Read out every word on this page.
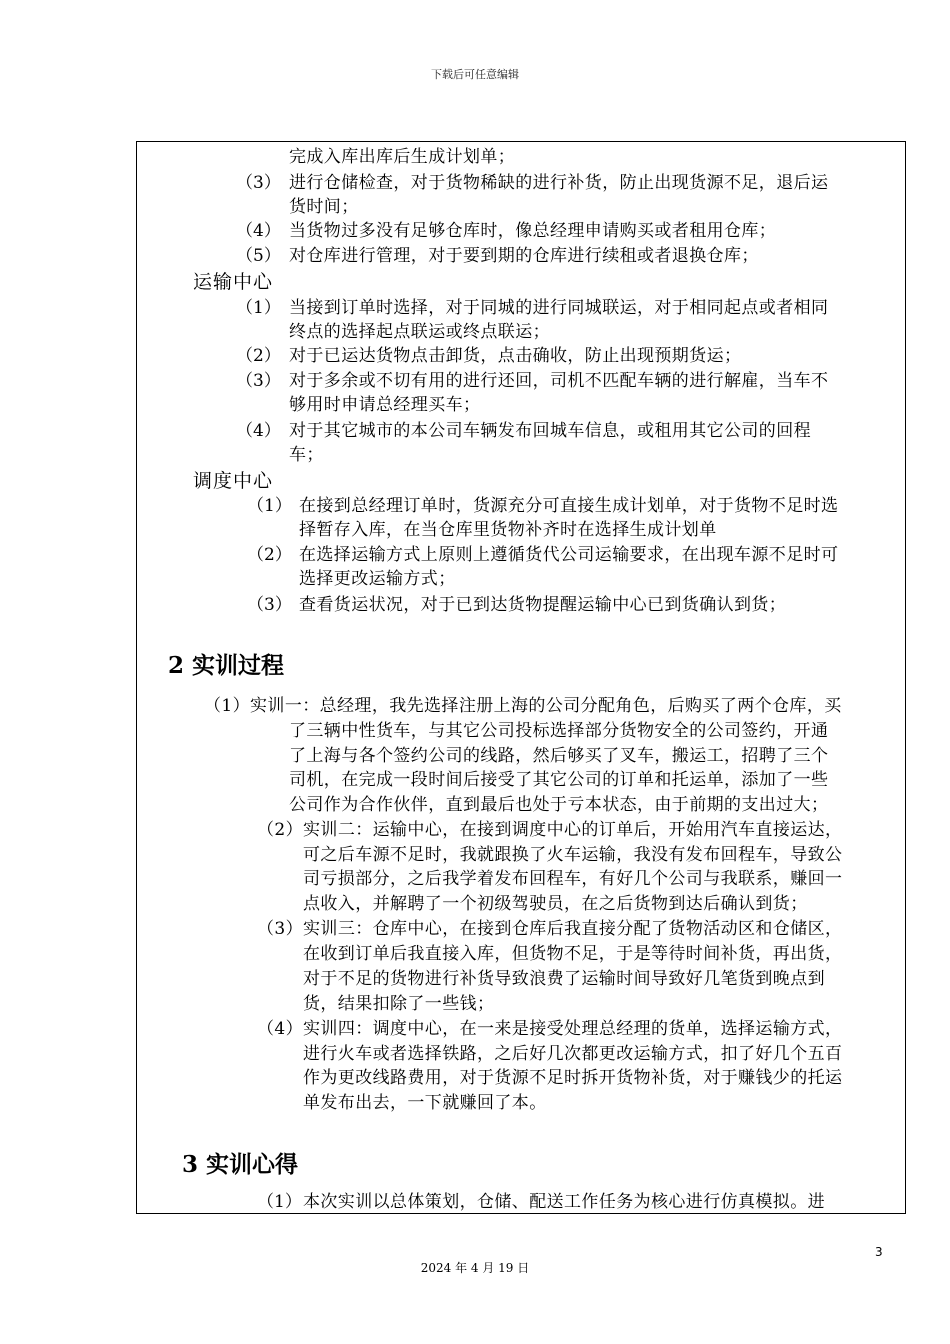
下载后可任意编辑
完成入库出库后生成计划单；
（3） 进行仓储检查，对于货物稀缺的进行补货，防止出现货源不足，退后运
货时间；
（4） 当货物过多没有足够仓库时，像总经理申请购买或者租用仓库；
（5） 对仓库进行管理，对于要到期的仓库进行续租或者退换仓库；
运输中心
（1） 当接到订单时选择，对于同城的进行同城联运，对于相同起点或者相同
终点的选择起点联运或终点联运；
（2） 对于已运达货物点击卸货，点击确收，防止出现预期货运；
（3） 对于多余或不切有用的进行还回，司机不匹配车辆的进行解雇，当车不
够用时申请总经理买车；
（4） 对于其它城市的本公司车辆发布回城车信息，或租用其它公司的回程
车；
调度中心
（1） 在接到总经理订单时，货源充分可直接生成计划单，对于货物不足时选
择暂存入库，在当仓库里货物补齐时在选择生成计划单
（2） 在选择运输方式上原则上遵循货代公司运输要求，在出现车源不足时可
选择更改运输方式；
（3） 查看货运状况，对于已到达货物提醒运输中心已到货确认到货；
2 实训过程
（1）实训一：总经理，我先选择注册上海的公司分配角色，后购买了两个仓库，买
了三辆中性货车，与其它公司投标选择部分货物安全的公司签约，开通
了上海与各个签约公司的线路，然后够买了叉车，搬运工，招聘了三个
司机，在完成一段时间后接受了其它公司的订单和托运单，添加了一些
公司作为合作伙伴，直到最后也处于亏本状态，由于前期的支出过大；
（2）实训二：运输中心，在接到调度中心的订单后，开始用汽车直接运达，
可之后车源不足时，我就跟换了火车运输，我没有发布回程车，导致公
司亏损部分，之后我学着发布回程车，有好几个公司与我联系，赚回一
点收入，并解聘了一个初级驾驶员，在之后货物到达后确认到货；
（3）实训三：仓库中心，在接到仓库后我直接分配了货物活动区和仓储区，
在收到订单后我直接入库，但货物不足，于是等待时间补货，再出货，
对于不足的货物进行补货导致浪费了运输时间导致好几笔货到晚点到
货，结果扣除了一些钱；
（4）实训四：调度中心，在一来是接受处理总经理的货单，选择运输方式，
进行火车或者选择铁路，之后好几次都更改运输方式，扣了好几个五百
作为更改线路费用，对于货源不足时拆开货物补货，对于赚钱少的托运
单发布出去，一下就赚回了本。
3 实训心得
（1） 本次实训以总体策划，仓储、配送工作任务为核心进行仿真模拟。进
3
2024 年 4 月 19 日
